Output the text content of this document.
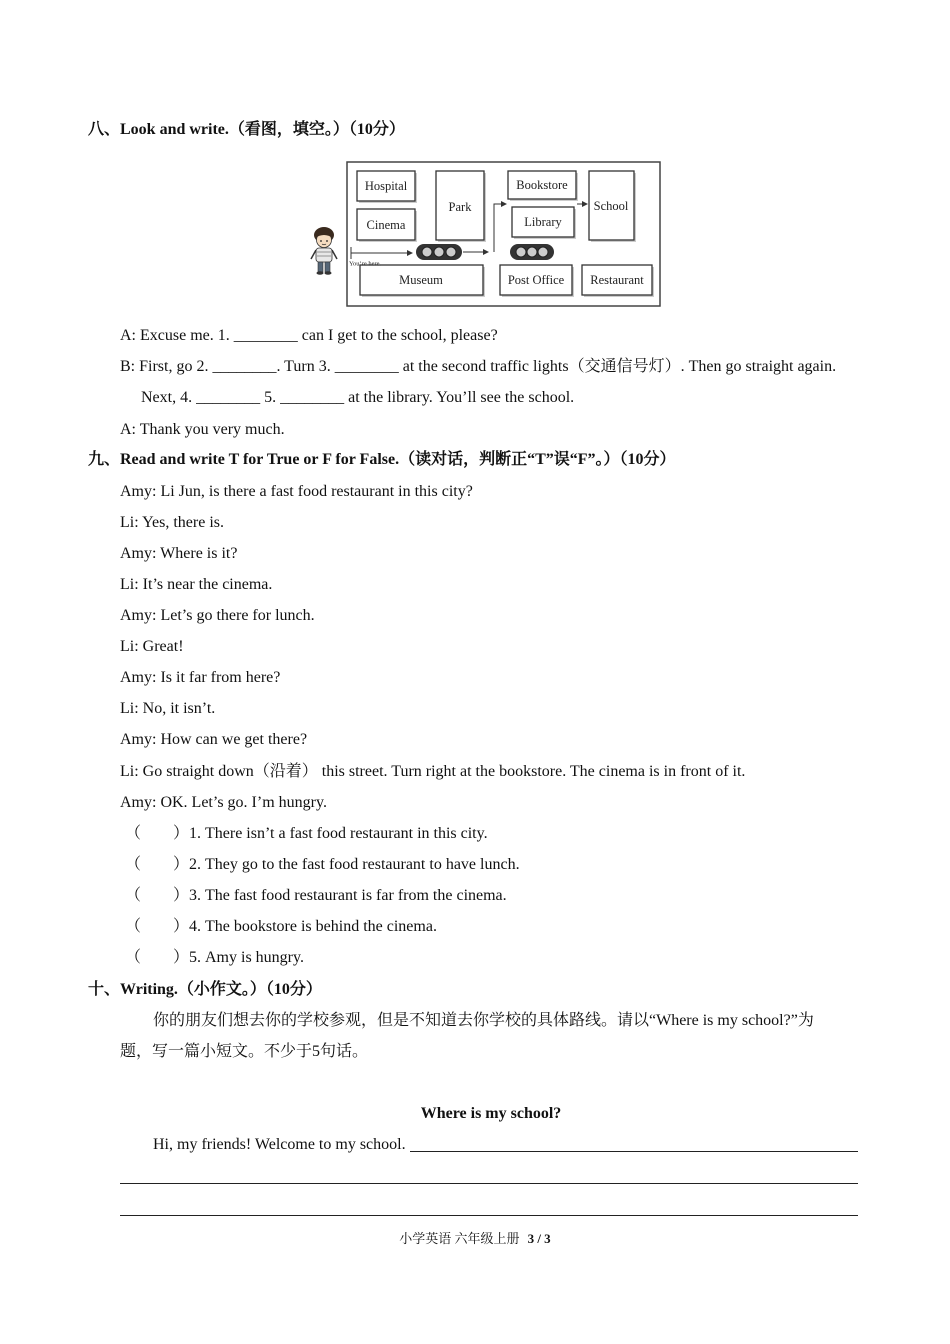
八、Look and write.（看图，填空。）（10分）
Hospital
Cinema
Park
Bookstore
Library
School
Museum	Post Office Restaurant
You’re here.
A: Excuse me. 1. ________ can I get to the school, please?
B: First, go 2. ________. Turn 3. ________ at the second traffic lights（交通信号灯）. Then go straight again.
Next, 4. ________ 5. ________ at the library. You’ll see the school.
A: Thank you very much.
九、Read and write T for True or F for False.（读对话，判断正“T”误“F”。）（10分）
Amy: Li Jun, is there a fast food restaurant in this city?
Li: Yes, there is.
Amy: Where is it?
Li: It’s near the cinema.
Amy: Let’s go there for lunch.
Li: Great!
Amy: Is it far from here?
Li: No, it isn’t.
Amy: How can we get there?
Li: Go straight down（沿着） this street. Turn right at the bookstore. The cinema is in front of it.
Amy: OK. Let’s go. I’m hungry.
（　　）1. There isn’t a fast food restaurant in this city.
（　　）2. They go to the fast food restaurant to have lunch.
（　　）3. The fast food restaurant is far from the cinema.
（　　）4. The bookstore is behind the cinema.
（　　）5. Amy is hungry.
十、Writing.（小作文。）（10分）
你的朋友们想去你的学校参观，但是不知道去你学校的具体路线。请以“Where is my school?”为
题，写一篇小短文。不少于5句话。
Where is my school?
Hi, my friends! Welcome to my school.
小学英语 六年级上册 3 / 3
